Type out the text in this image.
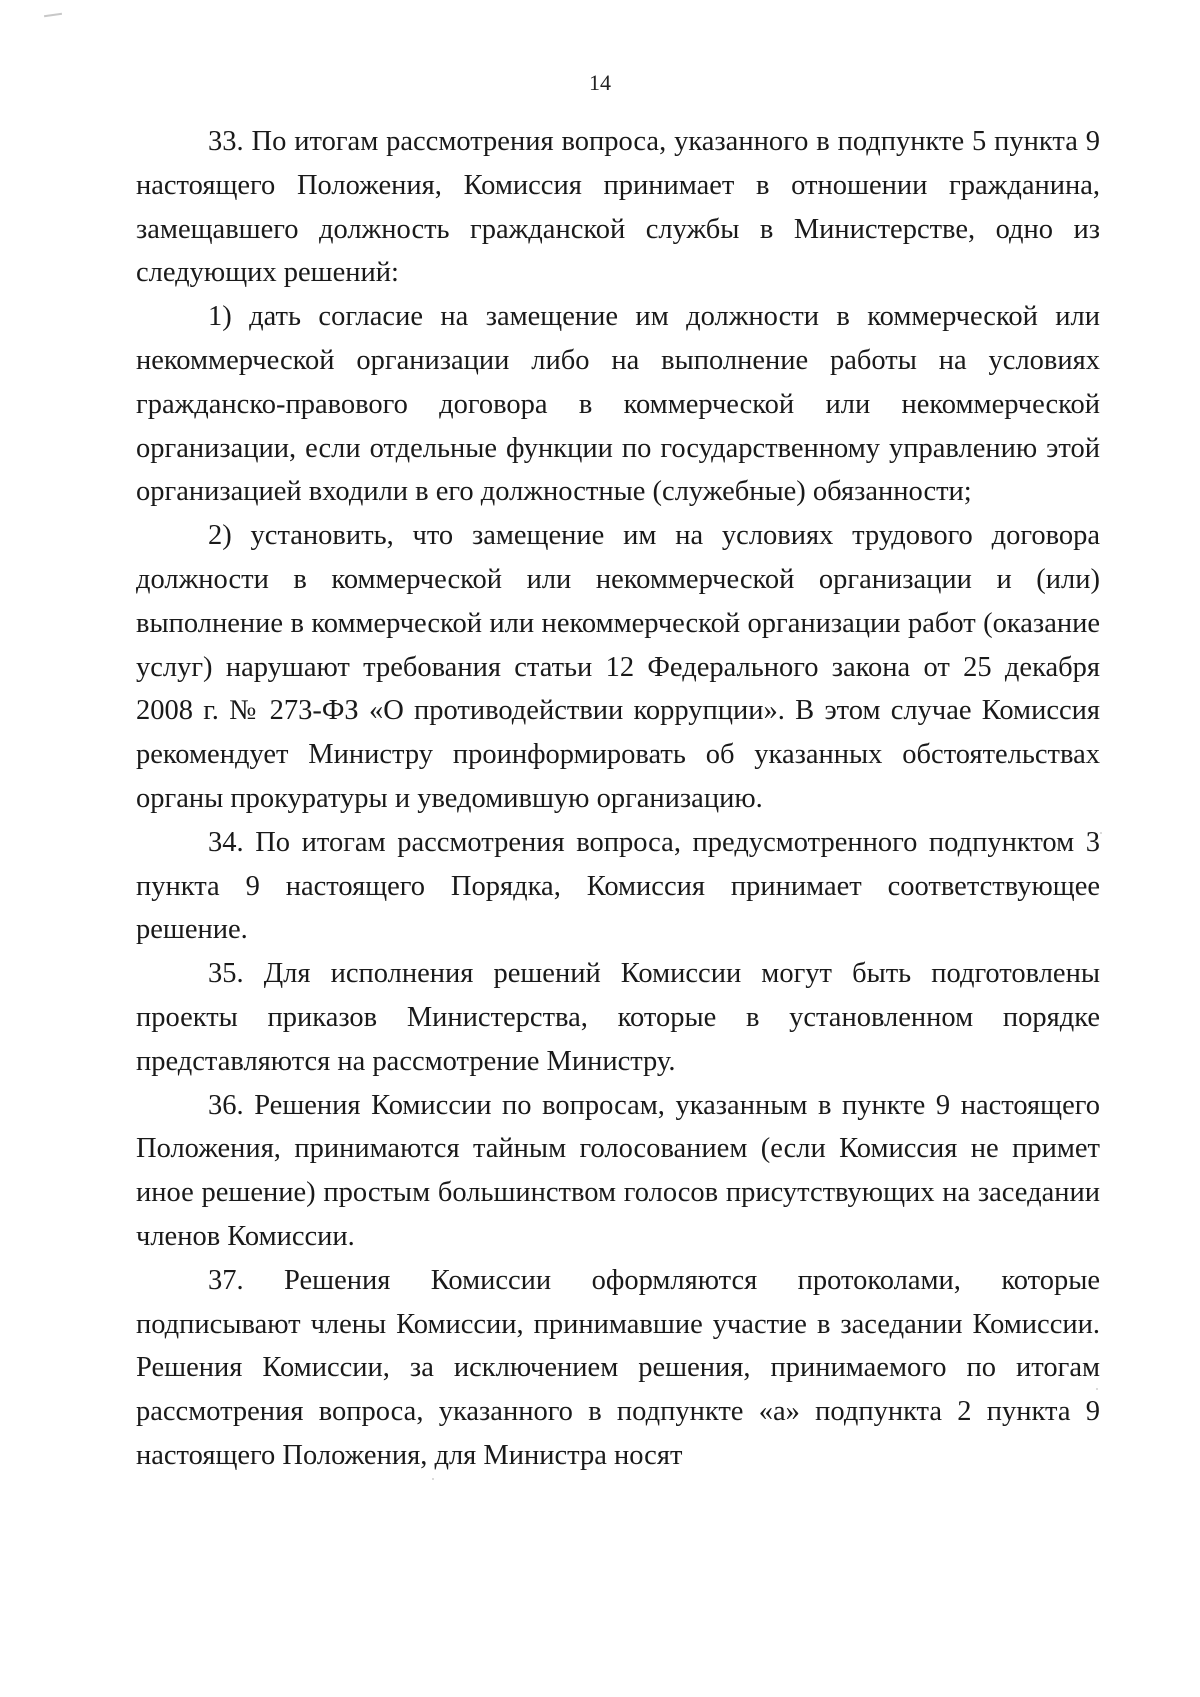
14

33. По итогам рассмотрения вопроса, указанного в подпункте 5 пункта 9 настоящего Положения, Комиссия принимает в отношении гражданина, замещавшего должность гражданской службы в Министерстве, одно из следующих решений:

1) дать согласие на замещение им должности в коммерческой или некоммерческой организации либо на выполнение работы на условиях гражданско-правового договора в коммерческой или некоммерческой организации, если отдельные функции по государственному управлению этой организацией входили в его должностные (служебные) обязанности;

2) установить, что замещение им на условиях трудового договора должности в коммерческой или некоммерческой организации и (или) выполнение в коммерческой или некоммерческой организации работ (оказание услуг) нарушают требования статьи 12 Федерального закона от 25 декабря 2008 г. № 273-ФЗ «О противодействии коррупции». В этом случае Комиссия рекомендует Министру проинформировать об указанных обстоятельствах органы прокуратуры и уведомившую организацию.

34. По итогам рассмотрения вопроса, предусмотренного подпунктом 3 пункта 9 настоящего Порядка, Комиссия принимает соответствующее решение.

35. Для исполнения решений Комиссии могут быть подготовлены проекты приказов Министерства, которые в установленном порядке представляются на рассмотрение Министру.

36. Решения Комиссии по вопросам, указанным в пункте 9 настоящего Положения, принимаются тайным голосованием (если Комиссия не примет иное решение) простым большинством голосов присутствующих на заседании членов Комиссии.

37. Решения Комиссии оформляются протоколами, которые подписывают члены Комиссии, принимавшие участие в заседании Комиссии. Решения Комиссии, за исключением решения, принимаемого по итогам рассмотрения вопроса, указанного в подпункте «а» подпункта 2 пункта 9 настоящего Положения, для Министра носят
